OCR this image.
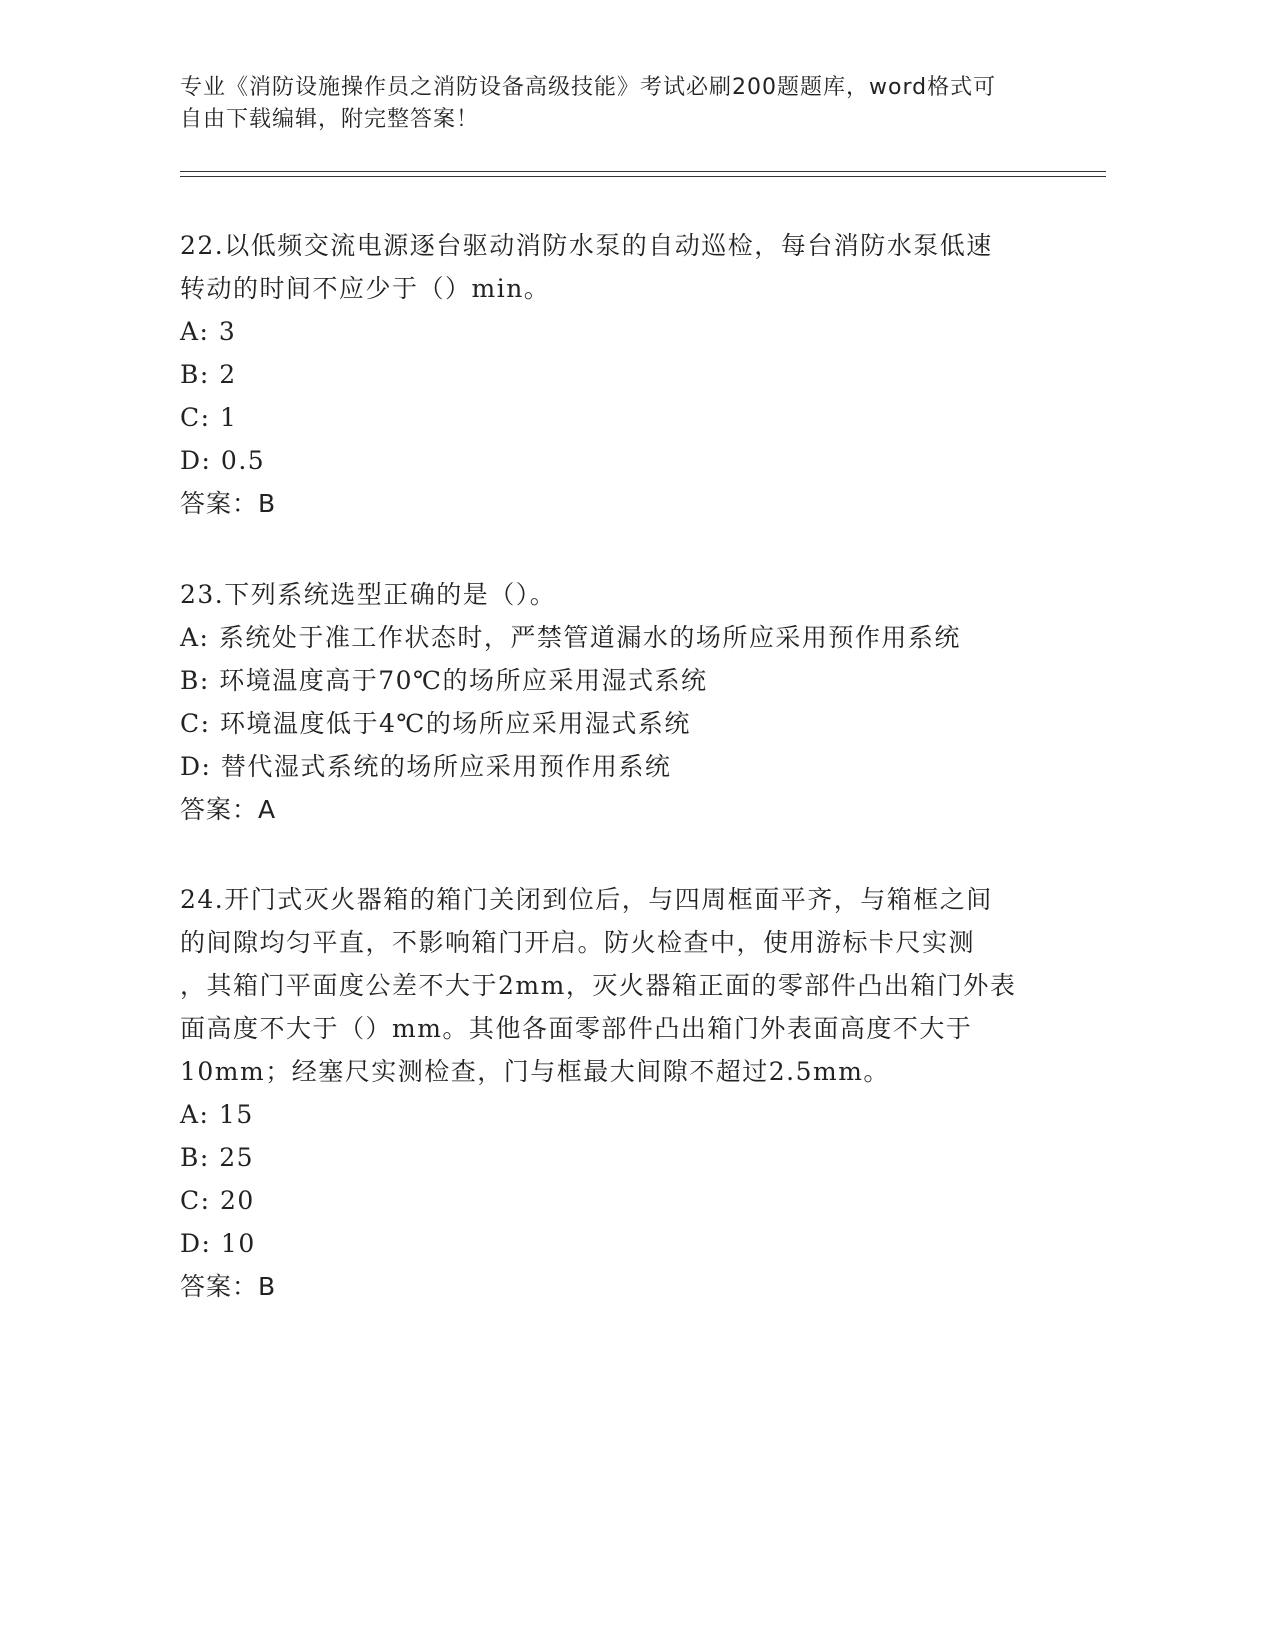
专业《消防设施操作员之消防设备高级技能》考试必刷200题题库，word格式可
自由下载编辑，附完整答案！

22.以低频交流电源逐台驱动消防水泵的自动巡检，每台消防水泵低速

转动的时间不应少于（）min。

A: 3

B: 2

C: 1

D: 0.5

答案：B

23.下列系统选型正确的是（）。

A: 系统处于准工作状态时，严禁管道漏水的场所应采用预作用系统

B: 环境温度高于70℃的场所应采用湿式系统

C: 环境温度低于4℃的场所应采用湿式系统

D: 替代湿式系统的场所应采用预作用系统

答案：A

24.开门式灭火器箱的箱门关闭到位后，与四周框面平齐，与箱框之间

的间隙均匀平直，不影响箱门开启。防火检查中，使用游标卡尺实测

，其箱门平面度公差不大于2mm，灭火器箱正面的零部件凸出箱门外表

面高度不大于（）mm。其他各面零部件凸出箱门外表面高度不大于

10mm；经塞尺实测检查，门与框最大间隙不超过2.5mm。

A: 15

B: 25

C: 20

D: 10

答案：B
